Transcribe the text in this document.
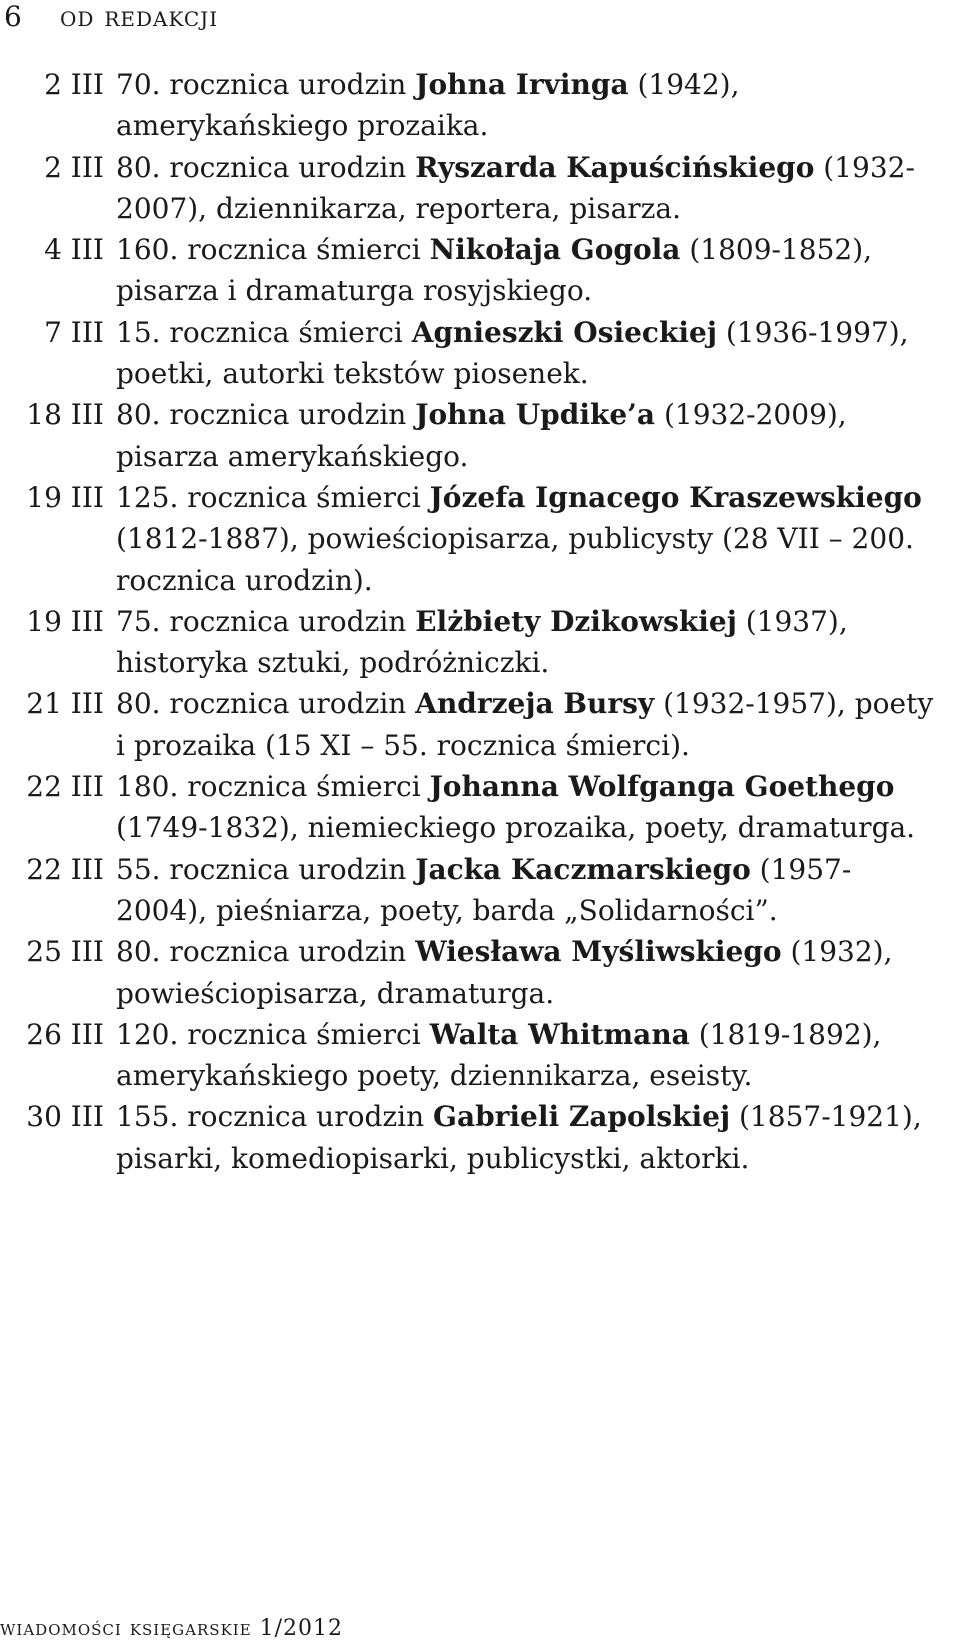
6	od redakcji
2 III 70. rocznica urodzin Johna Irvinga (1942), amerykańskiego prozaika.
2 III 80. rocznica urodzin Ryszarda Kapuścińskiego (1932-2007), dziennikarza, reportera, pisarza.
4 III 160. rocznica śmierci Nikołaja Gogola (1809-1852), pisarza i dramaturga rosyjskiego.
7 III 15. rocznica śmierci Agnieszki Osieckiej (1936-1997), poetki, autorki tekstów piosenek.
18 III 80. rocznica urodzin Johna Updike’a (1932-2009), pisarza amerykańskiego.
19 III 125. rocznica śmierci Józefa Ignacego Kraszewskiego (1812-1887), powieściopisarza, publicysty (28 VII – 200. rocznica urodzin).
19 III 75. rocznica urodzin Elżbiety Dzikowskiej (1937), historyka sztuki, podróżniczki.
21 III 80. rocznica urodzin Andrzeja Bursy (1932-1957), poety i prozaika (15 XI – 55. rocznica śmierci).
22 III 180. rocznica śmierci Johanna Wolfganga Goethego (1749-1832), niemieckiego prozaika, poety, dramaturga.
22 III 55. rocznica urodzin Jacka Kaczmarskiego (1957-2004), pieśniarza, poety, barda „Solidarności”.
25 III 80. rocznica urodzin Wiesława Myśliwskiego (1932), powieściopisarza, dramaturga.
26 III 120. rocznica śmierci Walta Whitmana (1819-1892), amerykańskiego poety, dziennikarza, eseisty.
30 III 155. rocznica urodzin Gabrieli Zapolskiej (1857-1921), pisarki, komediopisarki, publicystki, aktorki.
wiadomości księgarskie 1/2012
